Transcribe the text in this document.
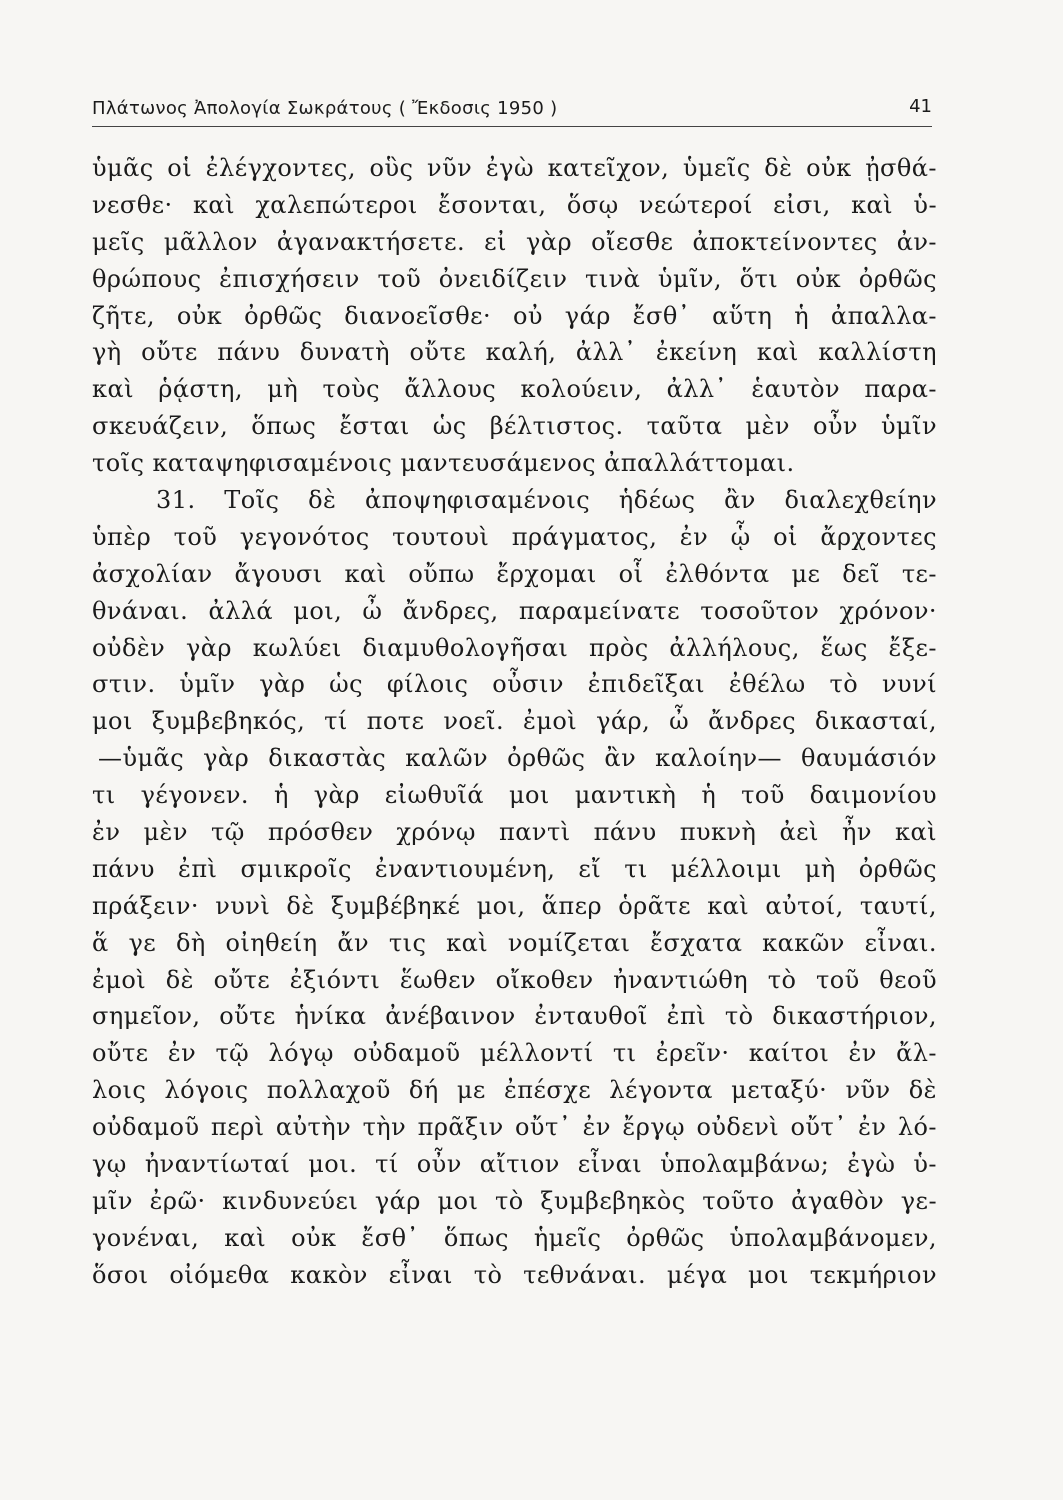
Πλάτωνος Ἀπολογία Σωκράτους ( Ἔκδοσις 1950 )	41
ὑμᾶς οἱ ἐλέγχοντες, οὓς νῦν ἐγὼ κατεῖχον, ὑμεῖς δὲ οὐκ ᾐσθά-
νεσθε· καὶ χαλεπώτεροι ἔσονται, ὅσῳ νεώτεροί εἰσι, καὶ ὑ-
μεῖς μᾶλλον ἀγανακτήσετε. εἰ γὰρ οἴεσθε ἀποκτείνοντες ἀν-
θρώπους ἐπισχήσειν τοῦ ὀνειδίζειν τινὰ ὑμῖν, ὅτι οὐκ ὀρθῶς
ζῆτε, οὐκ ὀρθῶς διανοεῖσθε· οὐ γάρ ἔσθ᾽ αὕτη ἡ ἀπαλλα-
γὴ οὔτε πάνυ δυνατὴ οὔτε καλή, ἀλλ᾽ ἐκείνη καὶ καλλίστη
καὶ ῥᾴστη, μὴ τοὺς ἄλλους κολούειν, ἀλλ᾽ ἑαυτὸν παρα-
σκευάζειν, ὅπως ἔσται ὡς βέλτιστος. ταῦτα μὲν οὖν ὑμῖν
τοῖς καταψηφισαμένοις μαντευσάμενος ἀπαλλάττομαι.
31. Τοῖς δὲ ἀποψηφισαμένοις ἡδέως ἂν διαλεχθείην
ὑπὲρ τοῦ γεγονότος τουτουὶ πράγματος, ἐν ᾧ οἱ ἄρχοντες
ἀσχολίαν ἄγουσι καὶ οὔπω ἔρχομαι οἷ ἐλθόντα με δεῖ τε-
θνάναι. ἀλλά μοι, ὦ ἄνδρες, παραμείνατε τοσοῦτον χρόνον·
οὐδὲν γὰρ κωλύει διαμυθολογῆσαι πρὸς ἀλλήλους, ἕως ἔξε-
στιν. ὑμῖν γὰρ ὡς φίλοις οὖσιν ἐπιδεῖξαι ἐθέλω τὸ νυνί
μοι ξυμβεβηκός, τί ποτε νοεῖ. ἐμοὶ γάρ, ὦ ἄνδρες δικασταί,
—ὑμᾶς γὰρ δικαστὰς καλῶν ὀρθῶς ἂν καλοίην— θαυμάσιόν
τι γέγονεν. ἡ γὰρ εἰωθυῖά μοι μαντικὴ ἡ τοῦ δαιμονίου
ἐν μὲν τῷ πρόσθεν χρόνῳ παντὶ πάνυ πυκνὴ ἀεὶ ἦν καὶ
πάνυ ἐπὶ σμικροῖς ἐναντιουμένη, εἴ τι μέλλοιμι μὴ ὀρθῶς
πράξειν· νυνὶ δὲ ξυμβέβηκέ μοι, ἅπερ ὁρᾶτε καὶ αὐτοί, ταυτί,
ἅ γε δὴ οἰηθείη ἄν τις καὶ νομίζεται ἔσχατα κακῶν εἶναι.
ἐμοὶ δὲ οὔτε ἐξιόντι ἕωθεν οἴκοθεν ἠναντιώθη τὸ τοῦ θεοῦ
σημεῖον, οὔτε ἡνίκα ἀνέβαινον ἐνταυθοῖ ἐπὶ τὸ δικαστήριον,
οὔτε ἐν τῷ λόγῳ οὐδαμοῦ μέλλοντί τι ἐρεῖν· καίτοι ἐν ἄλ-
λοις λόγοις πολλαχοῦ δή με ἐπέσχε λέγοντα μεταξύ· νῦν δὲ
οὐδαμοῦ περὶ αὐτὴν τὴν πρᾶξιν οὔτ᾽ ἐν ἔργῳ οὐδενὶ οὔτ᾽ ἐν λό-
γῳ ἠναντίωταί μοι. τί οὖν αἴτιον εἶναι ὑπολαμβάνω; ἐγὼ ὑ-
μῖν ἐρῶ· κινδυνεύει γάρ μοι τὸ ξυμβεβηκὸς τοῦτο ἀγαθὸν γε-
γονέναι, καὶ οὐκ ἔσθ᾽ ὅπως ἡμεῖς ὀρθῶς ὑπολαμβάνομεν,
ὅσοι οἰόμεθα κακὸν εἶναι τὸ τεθνάναι. μέγα μοι τεκμήριον
